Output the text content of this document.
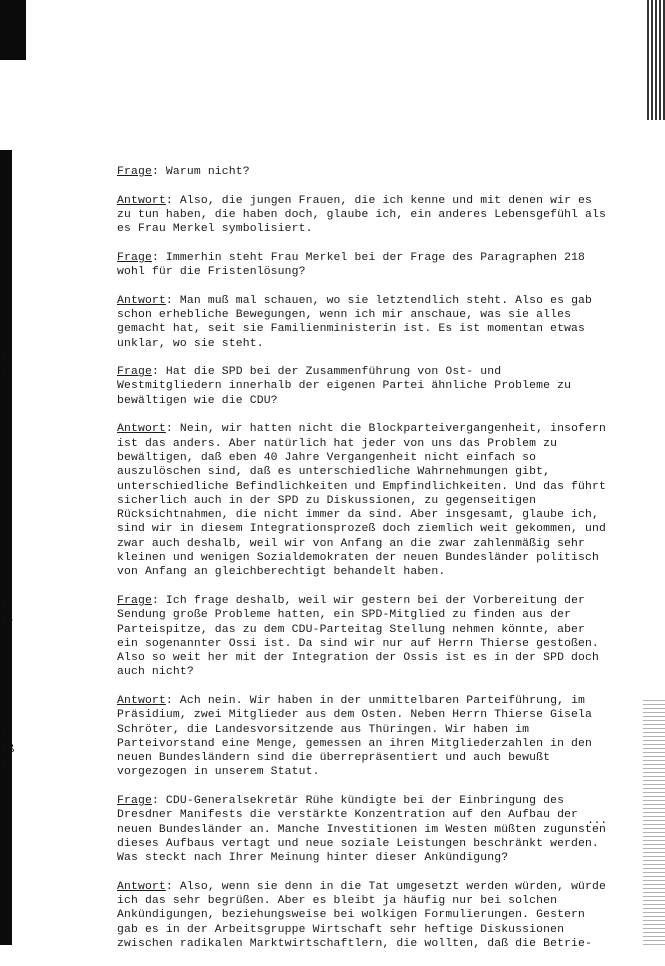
e
r
s
e
i-
t
iß
a

Frage: Warum nicht?

Antwort: Also, die jungen Frauen, die ich kenne und mit denen wir es zu tun haben, die haben doch, glaube ich, ein anderes Lebensgefühl als es Frau Merkel symbolisiert.

Frage: Immerhin steht Frau Merkel bei der Frage des Paragraphen 218 wohl für die Fristenlösung?

Antwort: Man muß mal schauen, wo sie letztendlich steht. Also es gab schon erhebliche Bewegungen, wenn ich mir anschaue, was sie alles gemacht hat, seit sie Familienministerin ist. Es ist momentan etwas unklar, wo sie steht.

Frage: Hat die SPD bei der Zusammenführung von Ost- und Westmitgliedern innerhalb der eigenen Partei ähnliche Probleme zu bewältigen wie die CDU?

Antwort: Nein, wir hatten nicht die Blockparteivergangenheit, insofern ist das anders. Aber natürlich hat jeder von uns das Problem zu bewältigen, daß eben 40 Jahre Vergangenheit nicht einfach so auszulöschen sind, daß es unterschiedliche Wahrnehmungen gibt, unterschiedliche Befindlichkeiten und Empfindlichkeiten. Und das führt sicherlich auch in der SPD zu Diskussionen, zu gegenseitigen Rücksichtnahmen, die nicht immer da sind. Aber insgesamt, glaube ich, sind wir in diesem Integrationsprozeß doch ziemlich weit gekommen, und zwar auch deshalb, weil wir von Anfang an die zwar zahlenmäßig sehr kleinen und wenigen Sozialdemokraten der neuen Bundesländer politisch von Anfang an gleichberechtigt behandelt haben.

Frage: Ich frage deshalb, weil wir gestern bei der Vorbereitung der Sendung große Probleme hatten, ein SPD-Mitglied zu finden aus der Parteispitze, das zu dem CDU-Parteitag Stellung nehmen könnte, aber ein sogenannter Ossi ist. Da sind wir nur auf Herrn Thierse gestoßen. Also so weit her mit der Integration der Ossis ist es in der SPD doch auch nicht?

Antwort: Ach nein. Wir haben in der unmittelbaren Parteiführung, im Präsidium, zwei Mitglieder aus dem Osten. Neben Herrn Thierse Gisela Schröter, die Landesvorsitzende aus Thüringen. Wir haben im Parteivorstand eine Menge, gemessen an ihren Mitgliederzahlen in den neuen Bundesländern sind die überrepräsentiert und auch bewußt vorgezogen in unserem Statut.

Frage: CDU-Generalsekretär Rühe kündigte bei der Einbringung des Dresdner Manifests die verstärkte Konzentration auf den Aufbau der neuen Bundesländer an. Manche Investitionen im Westen müßten zugunsten dieses Aufbaus vertagt und neue soziale Leistungen beschränkt werden. Was steckt nach Ihrer Meinung hinter dieser Ankündigung?

Antwort: Also, wenn sie denn in die Tat umgesetzt werden würden, würde ich das sehr begrüßen. Aber es bleibt ja häufig nur bei solchen Ankündigungen, beziehungsweise bei wolkigen Formulierungen. Gestern gab es in der Arbeitsgruppe Wirtschaft sehr heftige Diskussionen zwischen radikalen Marktwirtschaftlern, die wollten, daß die Betrie-

...
